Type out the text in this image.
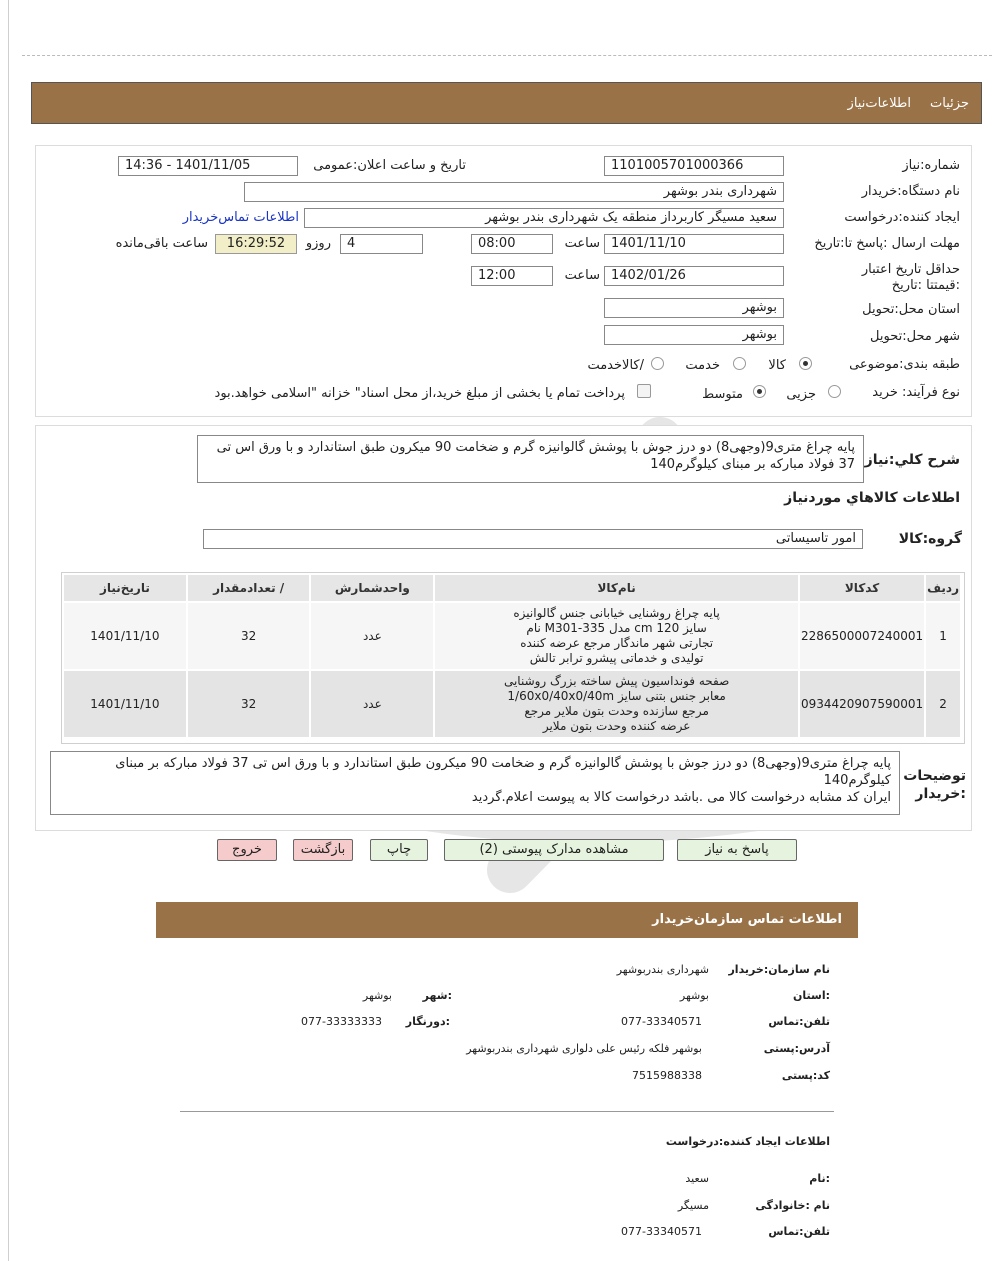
جزئیات
اطلاعات‌نیاز
شماره:نیاز
1101005701000366
تاریخ و ساعت اعلان:عمومی
1401/11/05 - 14:36
نام دستگاه:خریدار
شهرداری بندر بوشهر
ایجاد کننده:درخواست
سعید مسیگر کاربرداز منطقه یک شهرداری بندر بوشهر
اطلاعات تماس‌خریدار
مهلت ارسال :پاسخ تا:تاریخ
1401/11/10
ساعت
08:00
4
روزو
16:29:52
ساعت باقی‌مانده
حداقل تاریخ اعتبار :قیمتتا :تاریخ
1402/01/26
ساعت
12:00
استان محل:تحویل
بوشهر
شهر محل:تحویل
بوشهر
طبقه بندی:موضوعی
کالا
خدمت
/کالاخدمت
نوع فرآیند: خرید
جزیی
متوسط
پرداخت تمام یا بخشی از مبلغ خرید،از محل اسناد" خزانه "اسلامی خواهد.بود
شرح کلي:نیاز
پایه چراغ متری9(وجهی8) دو درز جوش با پوشش گالوانیزه گرم و ضخامت 90 میکرون طبق استاندارد و با ورق اس تی 37 فولاد مبارکه بر مبنای کیلوگرم140
اطلاعات کالاهاي موردنیاز
گروه:کالا
امور تاسیساتی
ردیف	کدکالا	نام‌کالا	واحدشمارش	/ تعدادمقدار	تاریخ‌نیاز
1	2286500007240001	پایه چراغ روشنایی خیابانی جنس گالوانیزه
سایز 120 cm مدل M301-335 نام
تجارتی شهر ماندگار مرجع عرضه کننده
تولیدی و خدماتی پیشرو ترابر تالش	عدد	32	1401/11/10
2	0934420907590001	صفحه فونداسیون پیش ساخته بزرگ روشنایی
معابر جنس بتنی سایز 1/60x0/40x0/40m
مرجع سازنده وحدت بتون ملایر مرجع
عرضه کننده وحدت بتون ملایر	عدد	32	1401/11/10
توضیحات
:خریدار
پایه چراغ متری9(وجهی8) دو درز جوش با پوشش گالوانیزه گرم و ضخامت 90 میکرون طبق استاندارد و با ورق اس تی 37 فولاد مبارکه بر مبنای کیلوگرم140
ایران کد مشابه درخواست کالا می .باشد درخواست کالا به پیوست اعلام.گردید
پاسخ به نیاز
مشاهده مدارک پیوستی (2)
چاپ
بازگشت
خروج
اطلاعات تماس سازمان‌خریدار
نام سازمان:خریدار
شهرداری بندربوشهر
:استان
بوشهر
:شهر
بوشهر
تلفن:تماس
077-33340571
:دورنگار
077-33333333
آدرس:پستی
بوشهر فلکه رئیس علی دلواری شهرداری بندربوشهر
کد:پستی
7515988338
اطلاعات ایجاد کننده:درخواست
:نام
سعید
نام :خانوادگی
مسیگر
تلفن:تماس
077-33340571
